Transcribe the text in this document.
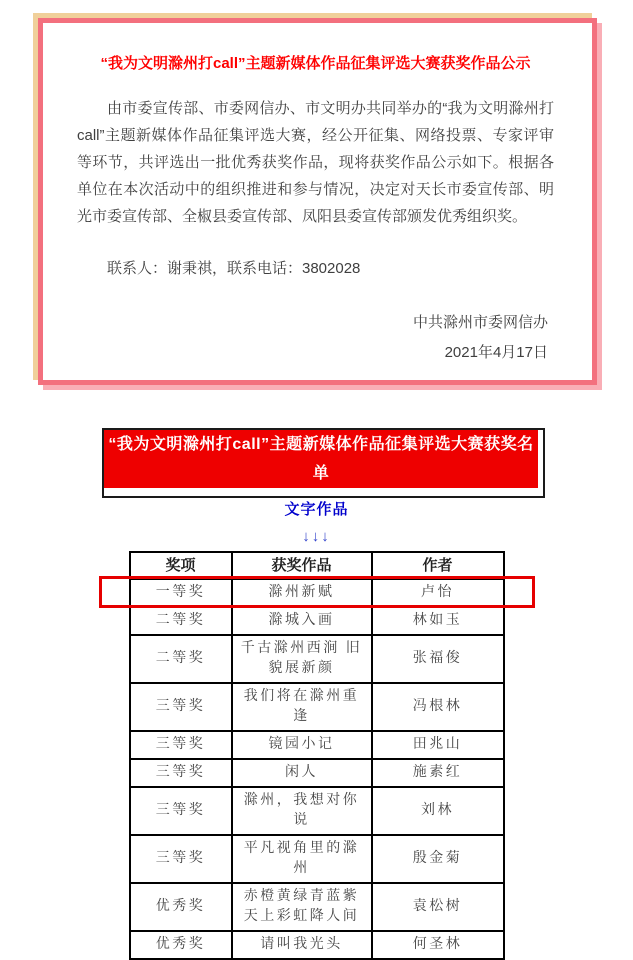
“我为文明滁州打call”主题新媒体作品征集评选大赛获奖作品公示

由市委宣传部、市委网信办、市文明办共同举办的“我为文明滁州打call”主题新媒体作品征集评选大赛，经公开征集、网络投票、专家评审等环节，共评选出一批优秀获奖作品，现将获奖作品公示如下。根据各单位在本次活动中的组织推进和参与情况，决定对天长市委宣传部、明光市委宣传部、全椒县委宣传部、凤阳县委宣传部颁发优秀组织奖。

联系人：谢秉祺，联系电话：3802028

中共滁州市委网信办

2021年4月17日

“我为文明滁州打call”主题新媒体作品征集评选大赛获奖名单
文字作品
↓↓↓
奖项	获奖作品	作者
一等奖	滁州新赋	卢怡
二等奖	滁城入画	林如玉
二等奖	千古滁州西涧 旧貌展新颜	张福俊
三等奖	我们将在滁州重逢	冯根林
三等奖	镜园小记	田兆山
三等奖	闲人	施素红
三等奖	滁州，我想对你说	刘林
三等奖	平凡视角里的滁州	殷金菊
优秀奖	赤橙黄绿青蓝紫 天上彩虹降人间	袁松树
优秀奖	请叫我光头	何圣林
